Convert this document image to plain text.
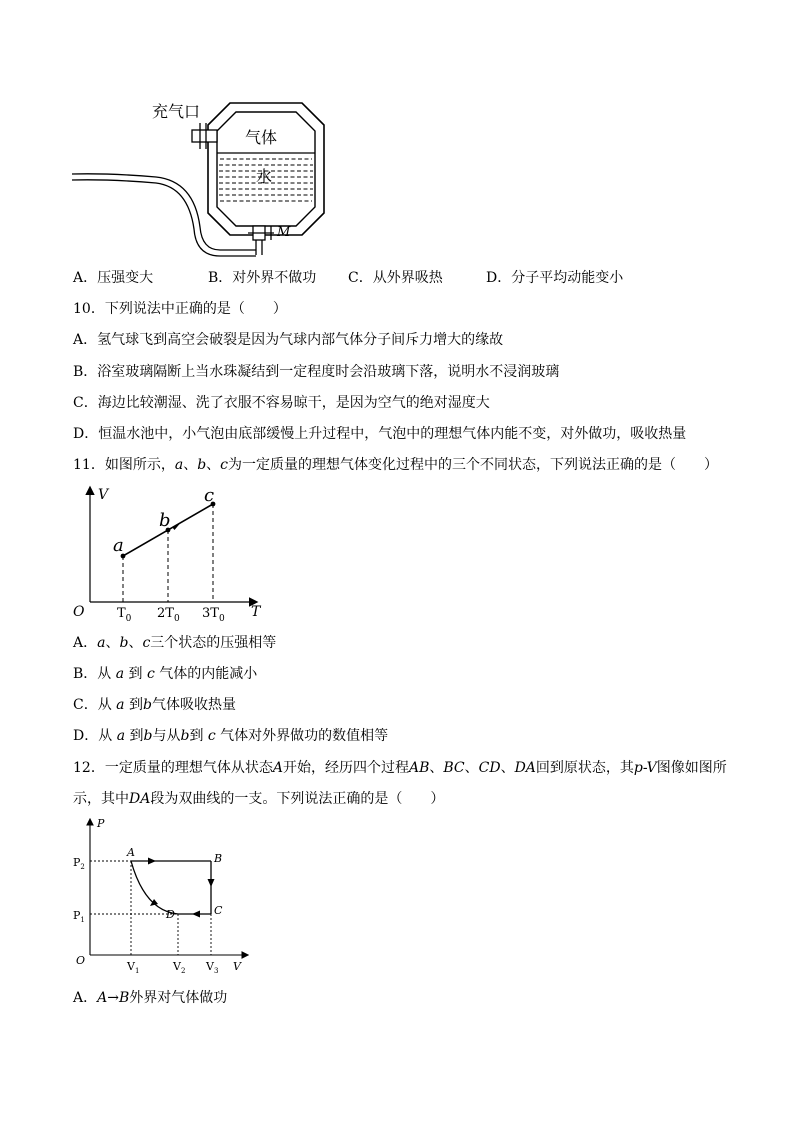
充气口
气体
水
M
A．压强变大	B．对外界不做功 C．从外界吸热	D．分子平均动能变小
10．下列说法中正确的是（　　）
A．氢气球飞到高空会破裂是因为气球内部气体分子间斥力增大的缘故
B．浴室玻璃隔断上当水珠凝结到一定程度时会沿玻璃下落，说明水不浸润玻璃
C．海边比较潮湿、洗了衣服不容易晾干，是因为空气的绝对湿度大
D．恒温水池中，小气泡由底部缓慢上升过程中，气泡中的理想气体内能不变，对外做功，吸收热量
11．如图所示，a、b、c为一定质量的理想气体变化过程中的三个不同状态，下列说法正确的是（　　）
V
T
O
a
b
c
$T_0$ $2T_0$ $3T_0$
A．a、b、c三个状态的压强相等
B．从 a 到 c 气体的内能减小
C．从 a 到b气体吸收热量
D．从 a 到b与从b到 c 气体对外界做功的数值相等
12．一定质量的理想气体从状态A开始，经历四个过程AB、BC、CD、DA回到原状态，其p-V图像如图所
示，其中DA段为双曲线的一支。下列说法正确的是（　　）
P
V
O
$P_2$
$P_1$
$V_1$	$V_2$ $V_3$
A	B
C
D
A．A→B外界对气体做功
